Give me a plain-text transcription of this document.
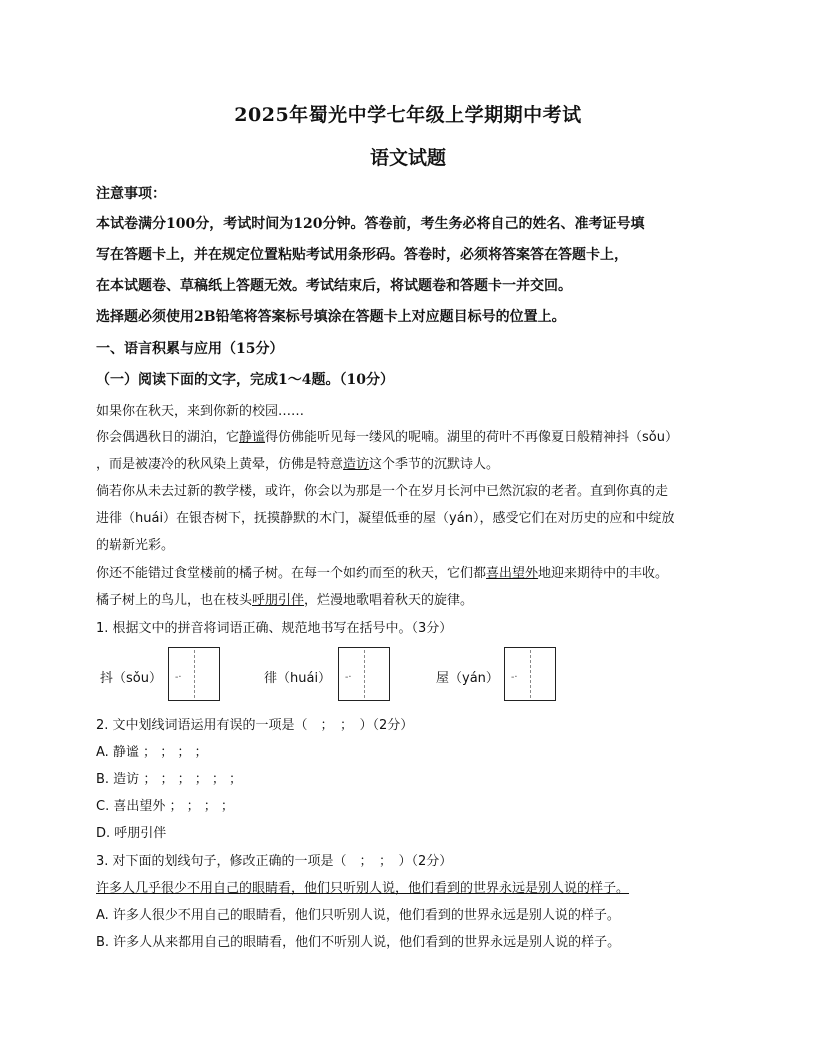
2025年蜀光中学七年级上学期期中考试
语文试题
注意事项：
本试卷满分100分，考试时间为120分钟。答卷前，考生务必将自己的姓名、准考证号填
写在答题卡上，并在规定位置粘贴考试用条形码。答卷时，必须将答案答在答题卡上，
在本试题卷、草稿纸上答题无效。考试结束后，将试题卷和答题卡一并交回。
选择题必须使用2B铅笔将答案标号填涂在答题卡上对应题目标号的位置上。
一、语言积累与应用（15分）
（一）阅读下面的文字，完成1～4题。（10分）
如果你在秋天，来到你新的校园……
你会偶遇秋日的湖泊，它静谧得仿佛能听见每一缕风的呢喃。湖里的荷叶不再像夏日般精神抖（sǒu）
，而是被凄冷的秋风染上黄晕，仿佛是特意造访这个季节的沉默诗人。
倘若你从未去过新的教学楼，或许，你会以为那是一个在岁月长河中已然沉寂的老者。直到你真的走
进徘（huái）在银杏树下，抚摸静默的木门，凝望低垂的屋（yán），感受它们在对历史的应和中绽放
的崭新光彩。
你还不能错过食堂楼前的橘子树。在每一个如约而至的秋天，它们都喜出望外地迎来期待中的丰收。
橘子树上的鸟儿，也在枝头呼朋引伴，烂漫地歌唱着秋天的旋律。
1. 根据文中的拼音将词语正确、规范地书写在括号中。（3分）
抖（sǒu） -·	徘（huái） -·	屋（yán） -·
2. 文中划线词语运用有误的一项是（　；　；　）（2分）
A. 静谧 ； ； ； ；
B. 造访 ； ； ； ； ； ；
C. 喜出望外 ； ； ； ；
D. 呼朋引伴
3. 对下面的划线句子，修改正确的一项是（　；　；　）（2分）
许多人几乎很少不用自己的眼睛看，他们只听别人说，他们看到的世界永远是别人说的样子。
A. 许多人很少不用自己的眼睛看，他们只听别人说，他们看到的世界永远是别人说的样子。
B. 许多人从来都用自己的眼睛看，他们不听别人说，他们看到的世界永远是别人说的样子。
